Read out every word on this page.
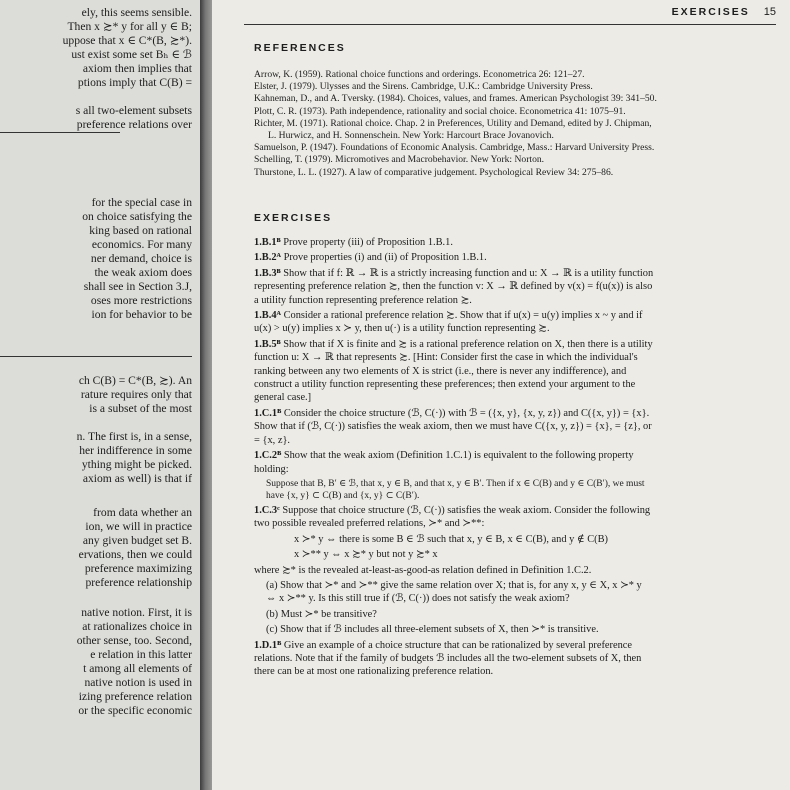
ely, this seems sensible.
Then x ≿* y for all y ∈ B;
uppose that x ∈ C*(B, ≿*).
ust exist some set Bₕ ∈ ℬ
axiom then implies that
ptions imply that C(B) =
s all two-element subsets
preference relations over
for the special case in
on choice satisfying the
king based on rational
economics. For many
ner demand, choice is
the weak axiom does
shall see in Section 3.J,
oses more restrictions
ion for behavior to be
ch C(B) = C*(B, ≿). An
rature requires only that
is a subset of the most
n. The first is, in a sense,
her indifference in some
ything might be picked.
axiom as well) is that if
from data whether an
ion, we will in practice
any given budget set B.
ervations, then we could
preference maximizing
preference relationship
native notion. First, it is
at rationalizes choice in
other sense, too. Second,
e relation in this latter
t among all elements of
native notion is used in
izing preference relation
or the specific economic
EXERCISES 15
REFERENCES
Arrow, K. (1959). Rational choice functions and orderings. Econometrica 26: 121–27.
Elster, J. (1979). Ulysses and the Sirens. Cambridge, U.K.: Cambridge University Press.
Kahneman, D., and A. Tversky. (1984). Choices, values, and frames. American Psychologist 39: 341–50.
Plott, C. R. (1973). Path independence, rationality and social choice. Econometrica 41: 1075–91.
Richter, M. (1971). Rational choice. Chap. 2 in Preferences, Utility and Demand, edited by J. Chipman,
L. Hurwicz, and H. Sonnenschein. New York: Harcourt Brace Jovanovich.
Samuelson, P. (1947). Foundations of Economic Analysis. Cambridge, Mass.: Harvard University Press.
Schelling, T. (1979). Micromotives and Macrobehavior. New York: Norton.
Thurstone, L. L. (1927). A law of comparative judgement. Psychological Review 34: 275–86.
EXERCISES

1.B.1ᴮ Prove property (iii) of Proposition 1.B.1.

1.B.2ᴬ Prove properties (i) and (ii) of Proposition 1.B.1.

1.B.3ᴮ Show that if f: ℝ → ℝ is a strictly increasing function and u: X → ℝ is a utility function representing preference relation ≿, then the function v: X → ℝ defined by v(x) = f(u(x)) is also a utility function representing preference relation ≿.

1.B.4ᴬ Consider a rational preference relation ≿. Show that if u(x) = u(y) implies x ~ y and if u(x) > u(y) implies x ≻ y, then u(·) is a utility function representing ≿.

1.B.5ᴮ Show that if X is finite and ≿ is a rational preference relation on X, then there is a utility function u: X → ℝ that represents ≿. [Hint: Consider first the case in which the individual's ranking between any two elements of X is strict (i.e., there is never any indifference), and construct a utility function representing these preferences; then extend your argument to the general case.]

1.C.1ᴮ Consider the choice structure (ℬ, C(·)) with ℬ = ({x, y}, {x, y, z}) and C({x, y}) = {x}. Show that if (ℬ, C(·)) satisfies the weak axiom, then we must have C({x, y, z}) = {x}, = {z}, or = {x, z}.

1.C.2ᴮ Show that the weak axiom (Definition 1.C.1) is equivalent to the following property holding:

Suppose that B, B′ ∈ ℬ, that x, y ∈ B, and that x, y ∈ B′. Then if x ∈ C(B) and y ∈ C(B′), we must have {x, y} ⊂ C(B) and {x, y} ⊂ C(B′).

1.C.3ᶜ Suppose that choice structure (ℬ, C(·)) satisfies the weak axiom. Consider the following two possible revealed preferred relations, ≻* and ≻**:

x ≻* y ⇔ there is some B ∈ ℬ such that x, y ∈ B, x ∈ C(B), and y ∉ C(B)

x ≻** y ⇔ x ≿* y but not y ≿* x

where ≿* is the revealed at-least-as-good-as relation defined in Definition 1.C.2.

(a) Show that ≻* and ≻** give the same relation over X; that is, for any x, y ∈ X, x ≻* y ⇔ x ≻** y. Is this still true if (ℬ, C(·)) does not satisfy the weak axiom?

(b) Must ≻* be transitive?

(c) Show that if ℬ includes all three-element subsets of X, then ≻* is transitive.

1.D.1ᴮ Give an example of a choice structure that can be rationalized by several preference relations. Note that if the family of budgets ℬ includes all the two-element subsets of X, then there can be at most one rationalizing preference relation.
